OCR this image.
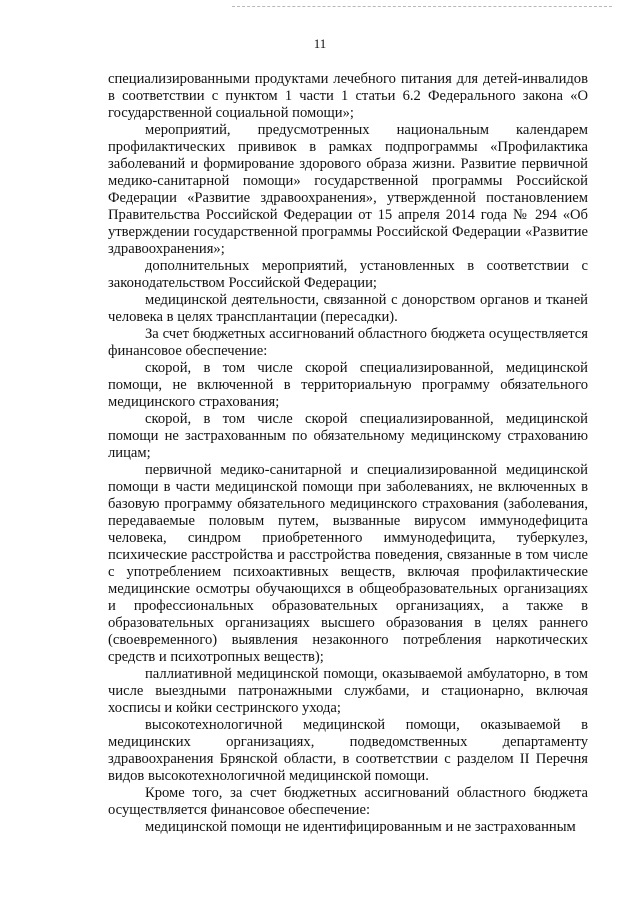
11

специализированными продуктами лечебного питания для детей-инвалидов в соответствии с пунктом 1 части 1 статьи 6.2 Федерального закона «О государственной социальной помощи»;

мероприятий, предусмотренных национальным календарем профилактических прививок в рамках подпрограммы «Профилактика заболеваний и формирование здорового образа жизни. Развитие первичной медико-санитарной помощи» государственной программы Российской Федерации «Развитие здравоохранения», утвержденной постановлением Правительства Российской Федерации от 15 апреля 2014 года № 294 «Об утверждении государственной программы Российской Федерации «Развитие здравоохранения»;

дополнительных мероприятий, установленных в соответствии с законодательством Российской Федерации;

медицинской деятельности, связанной с донорством органов и тканей человека в целях трансплантации (пересадки).

За счет бюджетных ассигнований областного бюджета осуществляется финансовое обеспечение:

скорой, в том числе скорой специализированной, медицинской помощи, не включенной в территориальную программу обязательного медицинского страхования;

скорой, в том числе скорой специализированной, медицинской помощи не застрахованным по обязательному медицинскому страхованию лицам;

первичной медико-санитарной и специализированной медицинской помощи в части медицинской помощи при заболеваниях, не включенных в базовую программу обязательного медицинского страхования (заболевания, передаваемые половым путем, вызванные вирусом иммунодефицита человека, синдром приобретенного иммунодефицита, туберкулез, психические расстройства и расстройства поведения, связанные в том числе с употреблением психоактивных веществ, включая профилактические медицинские осмотры обучающихся в общеобразовательных организациях и профессиональных образовательных организациях, а также в образовательных организациях высшего образования в целях раннего (своевременного) выявления незаконного потребления наркотических средств и психотропных веществ);

паллиативной медицинской помощи, оказываемой амбулаторно, в том числе выездными патронажными службами, и стационарно, включая хосписы и койки сестринского ухода;

высокотехнологичной медицинской помощи, оказываемой в медицинских организациях, подведомственных департаменту здравоохранения Брянской области, в соответствии с разделом II Перечня видов высокотехнологичной медицинской помощи.

Кроме того, за счет бюджетных ассигнований областного бюджета осуществляется финансовое обеспечение:

медицинской помощи не идентифицированным и не застрахованным
